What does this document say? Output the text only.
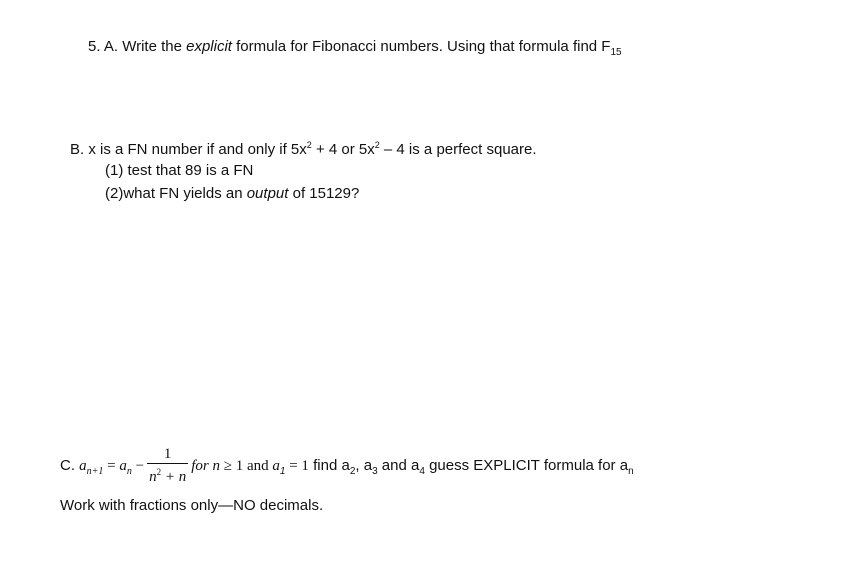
5. A. Write the explicit formula for Fibonacci numbers. Using that formula find $F_{15}$
B. x is a FN number if and only if $5x^2 + 4$ or $5x^2 - 4$ is a perfect square.
(1) test that 89 is a FN
(2)what FN yields an output of 15129?
C. $a_{n+1} = a_n - \frac{1}{n^2 + n}$ for n ≥ 1 and $a_1 = 1$ find $a_2$, $a_3$ and $a_4$ guess EXPLICIT formula for $a_n$
Work with fractions only—NO decimals.
